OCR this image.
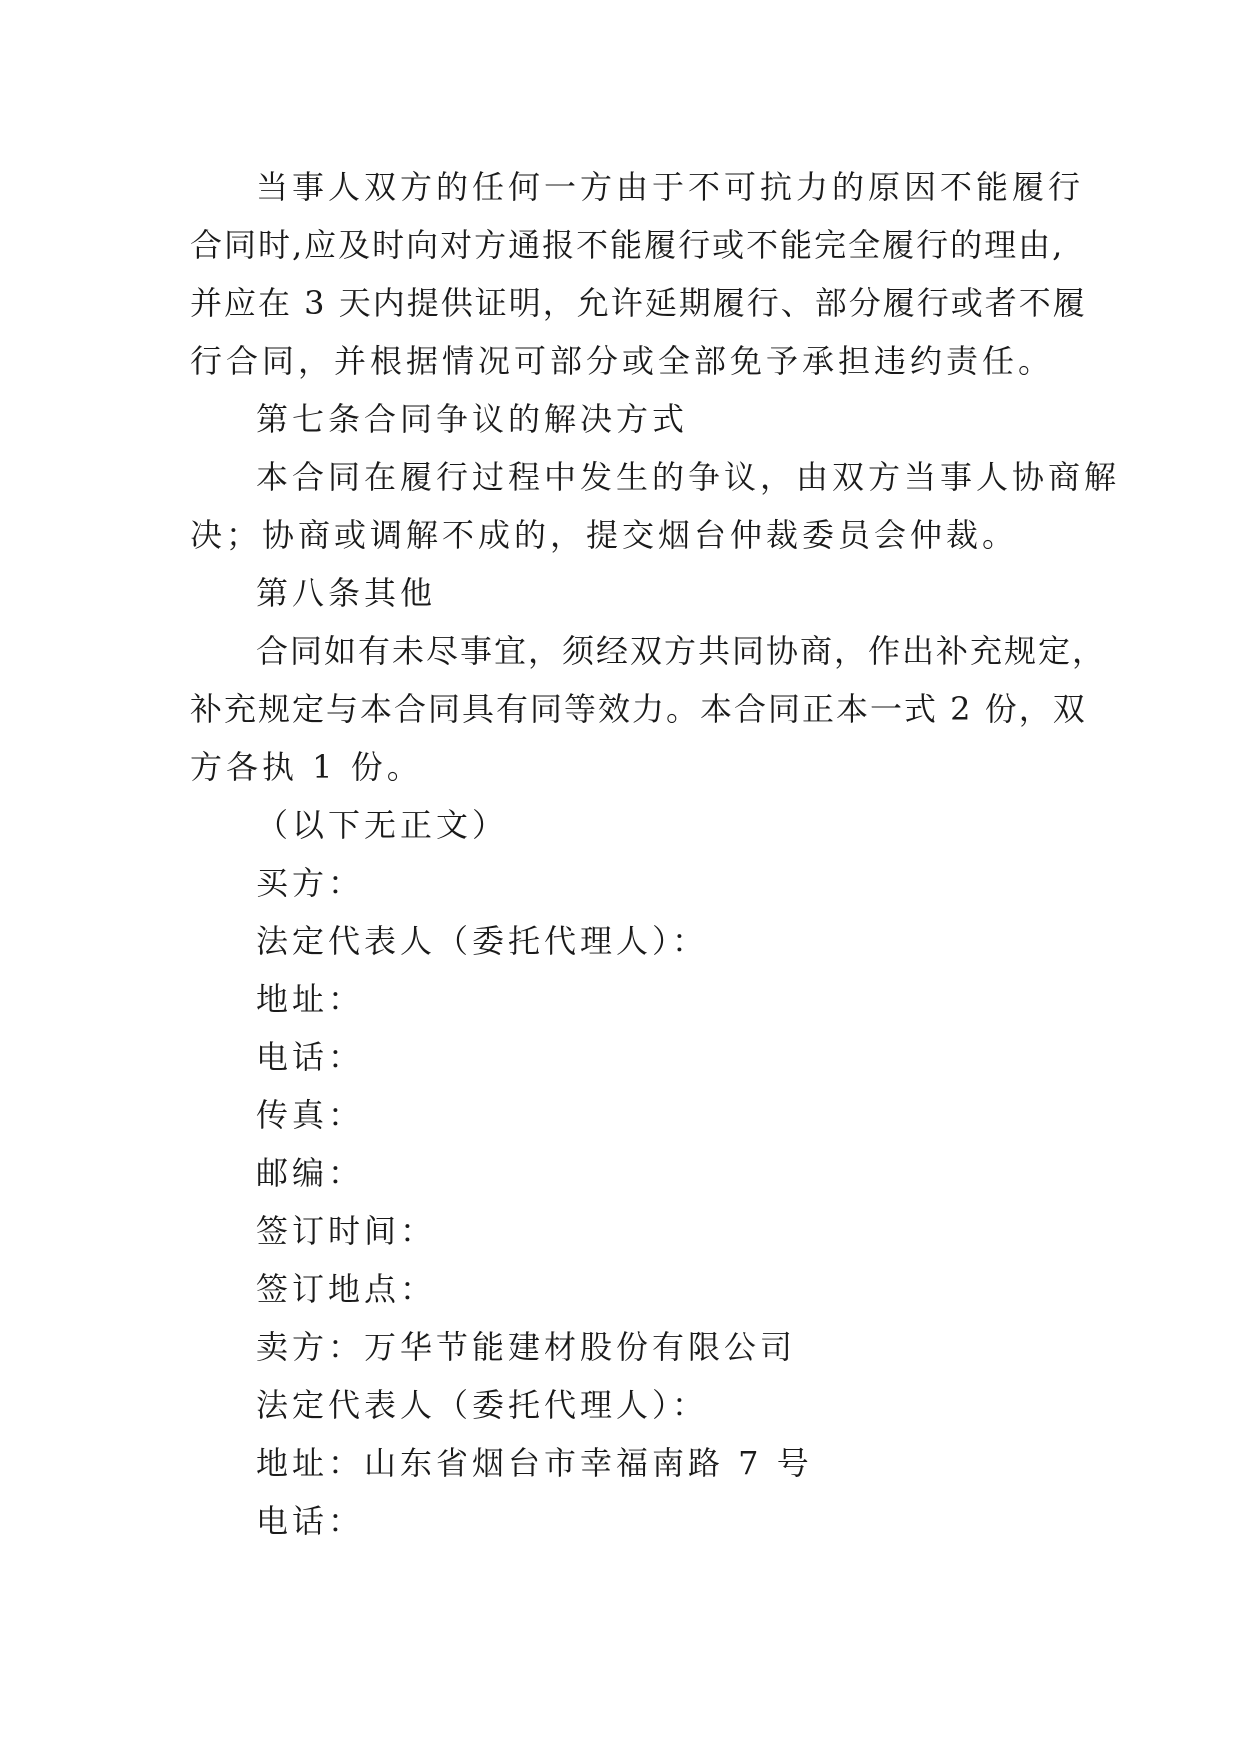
当事人双方的任何一方由于不可抗力的原因不能履行
合同时,应及时向对方通报不能履行或不能完全履行的理由,
并应在 3 天内提供证明，允许延期履行、部分履行或者不履
行合同，并根据情况可部分或全部免予承担违约责任。
第七条合同争议的解决方式
本合同在履行过程中发生的争议，由双方当事人协商解
决；协商或调解不成的，提交烟台仲裁委员会仲裁。
第八条其他
合同如有未尽事宜，须经双方共同协商，作出补充规定，
补充规定与本合同具有同等效力。本合同正本一式 2 份，双
方各执 1 份。
（以下无正文）
买方：
法定代表人（委托代理人）：
地址：
电话：
传真：
邮编：
签订时间：
签订地点：
卖方：万华节能建材股份有限公司
法定代表人（委托代理人）：
地址：山东省烟台市幸福南路 7 号
电话：
